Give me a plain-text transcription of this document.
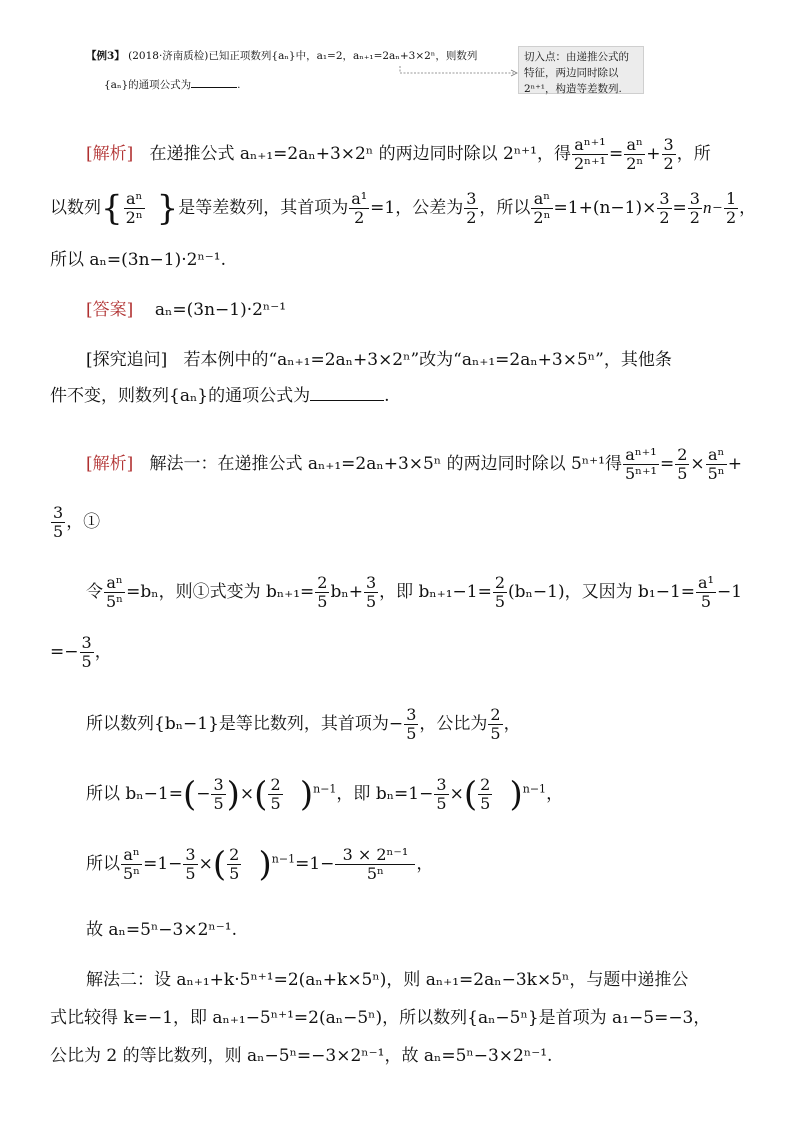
【例3】 (2018·济南质检)已知正项数列{aₙ}中，a₁=2，aₙ₊₁=2aₙ+3×2ⁿ，则数列
{aₙ}的通项公式为	.
切入点：由递推公式的特征，两边同时除以 2ⁿ⁺¹，构造等差数列.
[解析] 在递推公式 aₙ₊₁=2aₙ+3×2ⁿ 的两边同时除以 2ⁿ⁺¹，得 $\frac{\text{aⁿ⁺¹}}{\text{2ⁿ⁺¹}} = \frac{\text{aⁿ}}{\text{2ⁿ}} + \frac{3}{2}$ ，所
以数列{ $\frac{\text{aⁿ}}{\text{2ⁿ}}$ }是等差数列，其首项为 $\frac{\text{a¹}}{2} =1$，公差为 $\frac{3}{2}$ ，所以 $\frac{\text{aⁿ}}{\text{2ⁿ}} =1+(n-1)\times \frac{3}{2} = \frac{3}{2} n- \frac{1}{2}$ ，
所以 aₙ=(3n−1)·2ⁿ⁻¹.
[答案] aₙ=(3n−1)·2ⁿ⁻¹
[探究追问] 若本例中的“aₙ₊₁=2aₙ+3×2ⁿ”改为“aₙ₊₁=2aₙ+3×5ⁿ”，其他条
件不变，则数列{aₙ}的通项公式为	.
[解析] 解法一：在递推公式 aₙ₊₁=2aₙ+3×5ⁿ 的两边同时除以 5ⁿ⁺¹得 $\frac{\text{aⁿ⁺¹}}{\text{5ⁿ⁺¹}} = \frac{2}{5} \times \frac{\text{aⁿ}}{\text{5ⁿ}}$ +
$\frac{3}{5}$ ，①
令 $\frac{\text{aⁿ}}{\text{5ⁿ}} =b_n$，则①式变为 $b_{n+1}= \frac{2}{5} b_n+ \frac{3}{5}$ ，即 $b_{n+1}-1= \frac{2}{5} (b_n-1)$，又因为 $b_1-1= \frac{\text{a¹}}{5} -1$
=− $\frac{3}{5}$ ，
所以数列{bₙ−1}是等比数列，其首项为− $\frac{3}{5}$ ，公比为 $\frac{2}{5}$ ，
所以 $b_n-1=(- \frac{3}{5}$ )×( $\frac{2}{5} )^{n-1}$，即 $b_n=1- \frac{3}{5}$ ×( $\frac{2}{5} )^{n-1}$，
所以 $\frac{\text{aⁿ}}{\text{5ⁿ}} =1- \frac{3}{5}$ ×( $\frac{2}{5} )^{n-1}=1- \frac{\text{3 × 2ⁿ⁻¹}}{\text{5ⁿ}}$ ，
故 aₙ=5ⁿ−3×2ⁿ⁻¹.
解法二：设 aₙ₊₁+k·5ⁿ⁺¹=2(aₙ+k×5ⁿ)，则 aₙ₊₁=2aₙ−3k×5ⁿ，与题中递推公
式比较得 k=−1，即 aₙ₊₁−5ⁿ⁺¹=2(aₙ−5ⁿ)，所以数列{aₙ−5ⁿ}是首项为 a₁−5=−3，
公比为 2 的等比数列，则 aₙ−5ⁿ=−3×2ⁿ⁻¹，故 aₙ=5ⁿ−3×2ⁿ⁻¹.
